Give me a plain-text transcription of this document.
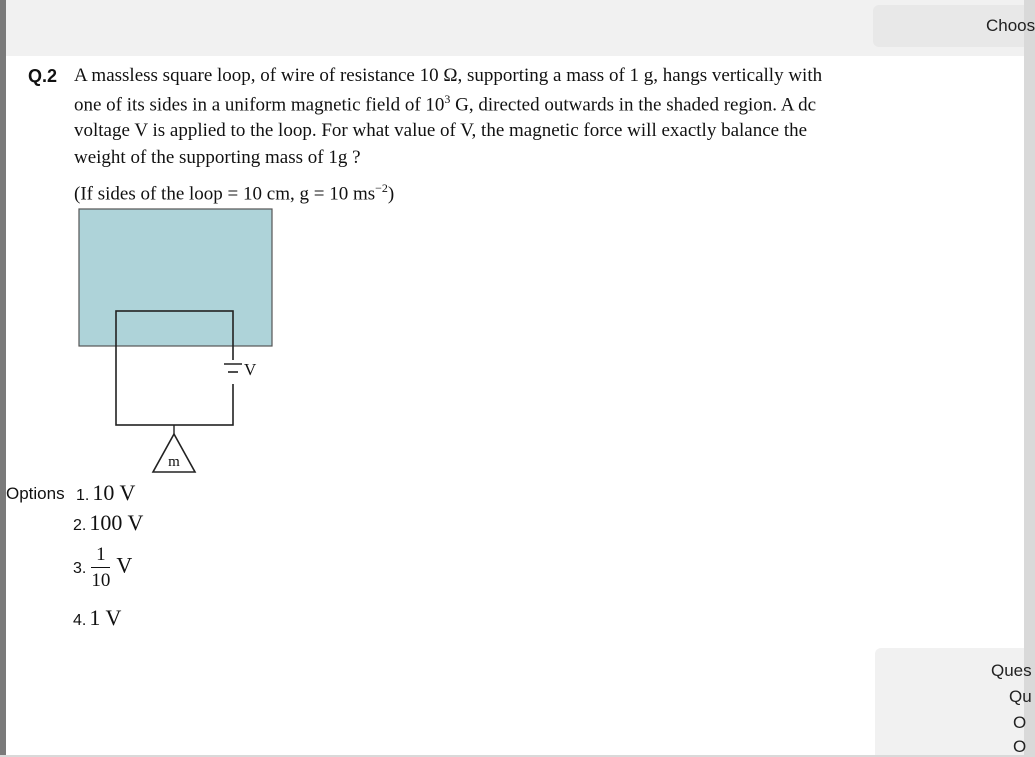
Choos
Q.2 A massless square loop, of wire of resistance 10 Ω, supporting a mass of 1 g, hangs vertically with
one of its sides in a uniform magnetic field of $10^3$ G, directed outwards in the shaded region. A dc
voltage V is applied to the loop. For what value of V, the magnetic force will exactly balance the
weight of the supporting mass of 1g ?
(If sides of the loop = 10 cm, g = 10 $ms^{-2}$)
V
m
Options 1. 10 V
2. 100 V
3. $\frac{1}{10}$ V
4. 1 V
Ques
Qu
O
O
